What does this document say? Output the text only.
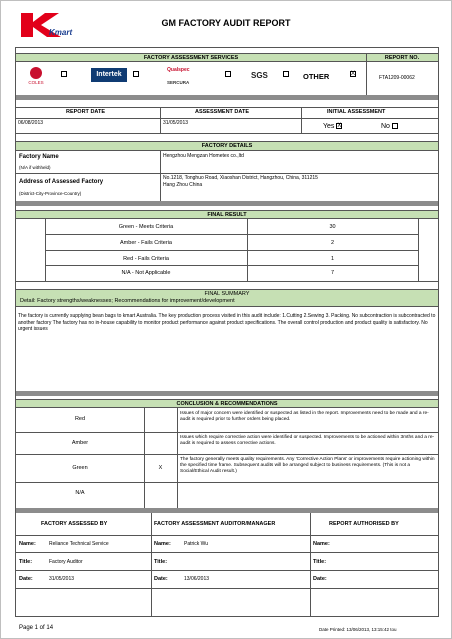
Kmart
GM FACTORY AUDIT REPORT
FACTORY ASSESSMENT SERVICES	REPORT NO.
COLES
Intertek
Qualspec
SERCURA
SGS	OTHER	X
FTA1209-00062
REPORT DATE	ASSESSMENT DATE	INITIAL ASSESSMENT
06/08/2013	31/05/2013	Yes X	No
FACTORY DETAILS
Factory Name
(N/A if withheld)
Hengzhou Mengzan Hometex co.,ltd
Address of Assessed Factory
(District-City-Province-Country)
No.1218, Tonghuo Road, Xiaoshan District, Hangzhou, China, 311215
Hang Zhou China
FINAL RESULT
Green - Meets Criteria	30
Amber - Fails Criteria	2
Red - Fails Criteria	1
N/A - Not Applicable	7
FINAL SUMMARY
Detail: Factory strengths/weaknesses; Recommendations for improvement/development
The factory is currently supplying bean bags to kmart Australia. The key production process visited in this audit include: 1.Cutting 2.Sewing 3. Packing. No subcontraction is subcontracted to another factory The factory has no in-house capability to monitor product performance against product specifications. The overall control production and product quality is satisfactory. No urgent issues
CONCLUSION & RECOMMENDATIONS
Red
Issues of major concern were identified or suspected as listed in the report. Improvements need to be made and a re-audit is required prior to further orders being placed.
Amber
Issues which require corrective action were identified or suspected. Improvements to be actioned within 3mths and a re-audit is required to assess corrective actions.
Green	X
The factory generally meets quality requirements. Any 'Corrective Action Plans' or improvements require actioning within the specified time frame. Subsequent audits will be arranged subject to business requirements. (This is not a Social/Ethical Audit result.)
N/A
FACTORY ASSESSED BY	FACTORY ASSESSMENT AUDITOR/MANAGER	REPORT AUTHORISED BY
Name:	Reliance Technical Service	Name:	Patrick Wu	Name:
Title:	Factory Auditor	Title:	Title:
Date:	31/05/2013	Date:	13/06/2013	Date:
Page 1 of 14	Date Printed: 13/06/2013, 13:15:42 tou
